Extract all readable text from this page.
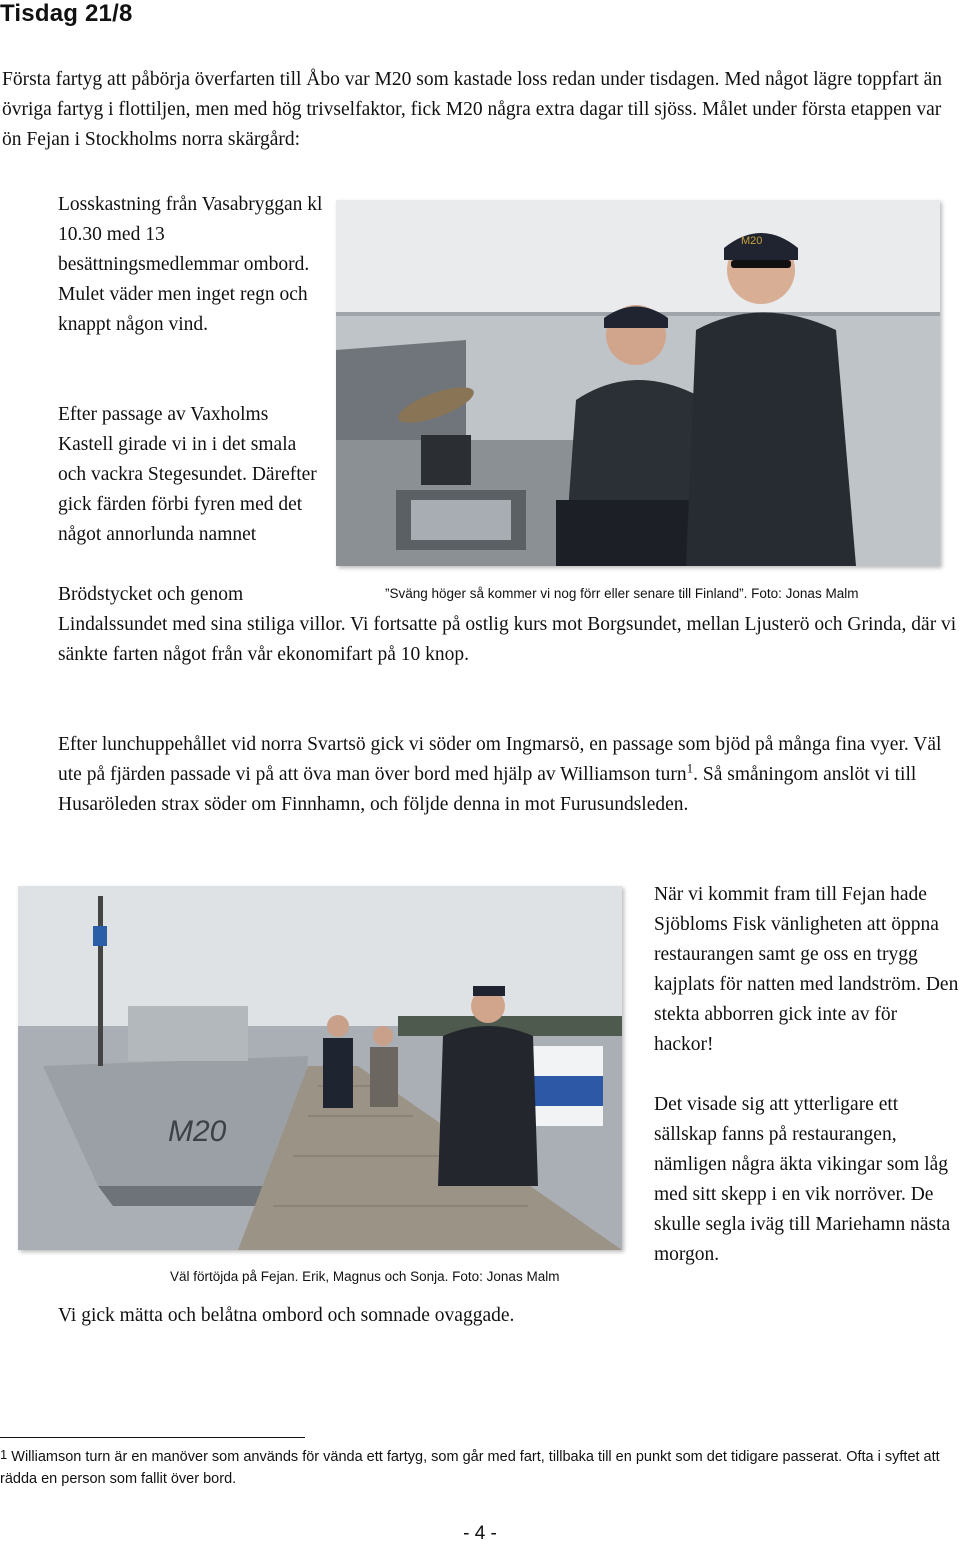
Tisdag 21/8

Första fartyg att påbörja överfarten till Åbo var M20 som kastade loss redan under tisdagen. Med något lägre toppfart än övriga fartyg i flottiljen, men med hög trivselfaktor, fick M20 några extra dagar till sjöss. Målet under första etappen var ön Fejan i Stockholms norra skärgård:

Losskastning från Vasabryggan kl 10.30 med 13 besättningsmedlemmar ombord. Mulet väder men inget regn och knappt någon vind.
Efter passage av Vaxholms Kastell girade vi in i det smala och vackra Stegesundet. Därefter gick färden förbi fyren med det något annorlunda namnet
Brödstycket och genom
Lindalssundet med sina stiliga villor. Vi fortsatte på ostlig kurs mot Borgsundet, mellan Ljusterö och Grinda, där vi sänkte farten något från vår ekonomifart på 10 knop.
M20
”Sväng höger så kommer vi nog förr eller senare till Finland”. Foto: Jonas Malm

Efter lunchuppehållet vid norra Svartsö gick vi söder om Ingmarsö, en passage som bjöd på många fina vyer. Väl ute på fjärden passade vi på att öva man över bord med hjälp av Williamson turn$^1$. Så småningom anslöt vi till Husaröleden strax söder om Finnhamn, och följde denna in mot Furusundsleden.

M20
Väl förtöjda på Fejan. Erik, Magnus och Sonja. Foto: Jonas Malm
När vi kommit fram till Fejan hade Sjöbloms Fisk vänligheten att öppna restaurangen samt ge oss en trygg kajplats för natten med landström. Den stekta abborren gick inte av för hackor!
Det visade sig att ytterligare ett sällskap fanns på restaurangen, nämligen några äkta vikingar som låg med sitt skepp i en vik norröver. De skulle segla iväg till Mariehamn nästa morgon.

Vi gick mätta och belåtna ombord och somnade ovaggade.

$^1$ Williamson turn är en manöver som används för vända ett fartyg, som går med fart, tillbaka till en punkt som det tidigare passerat. Ofta i syftet att rädda en person som fallit över bord.
- 4 -
